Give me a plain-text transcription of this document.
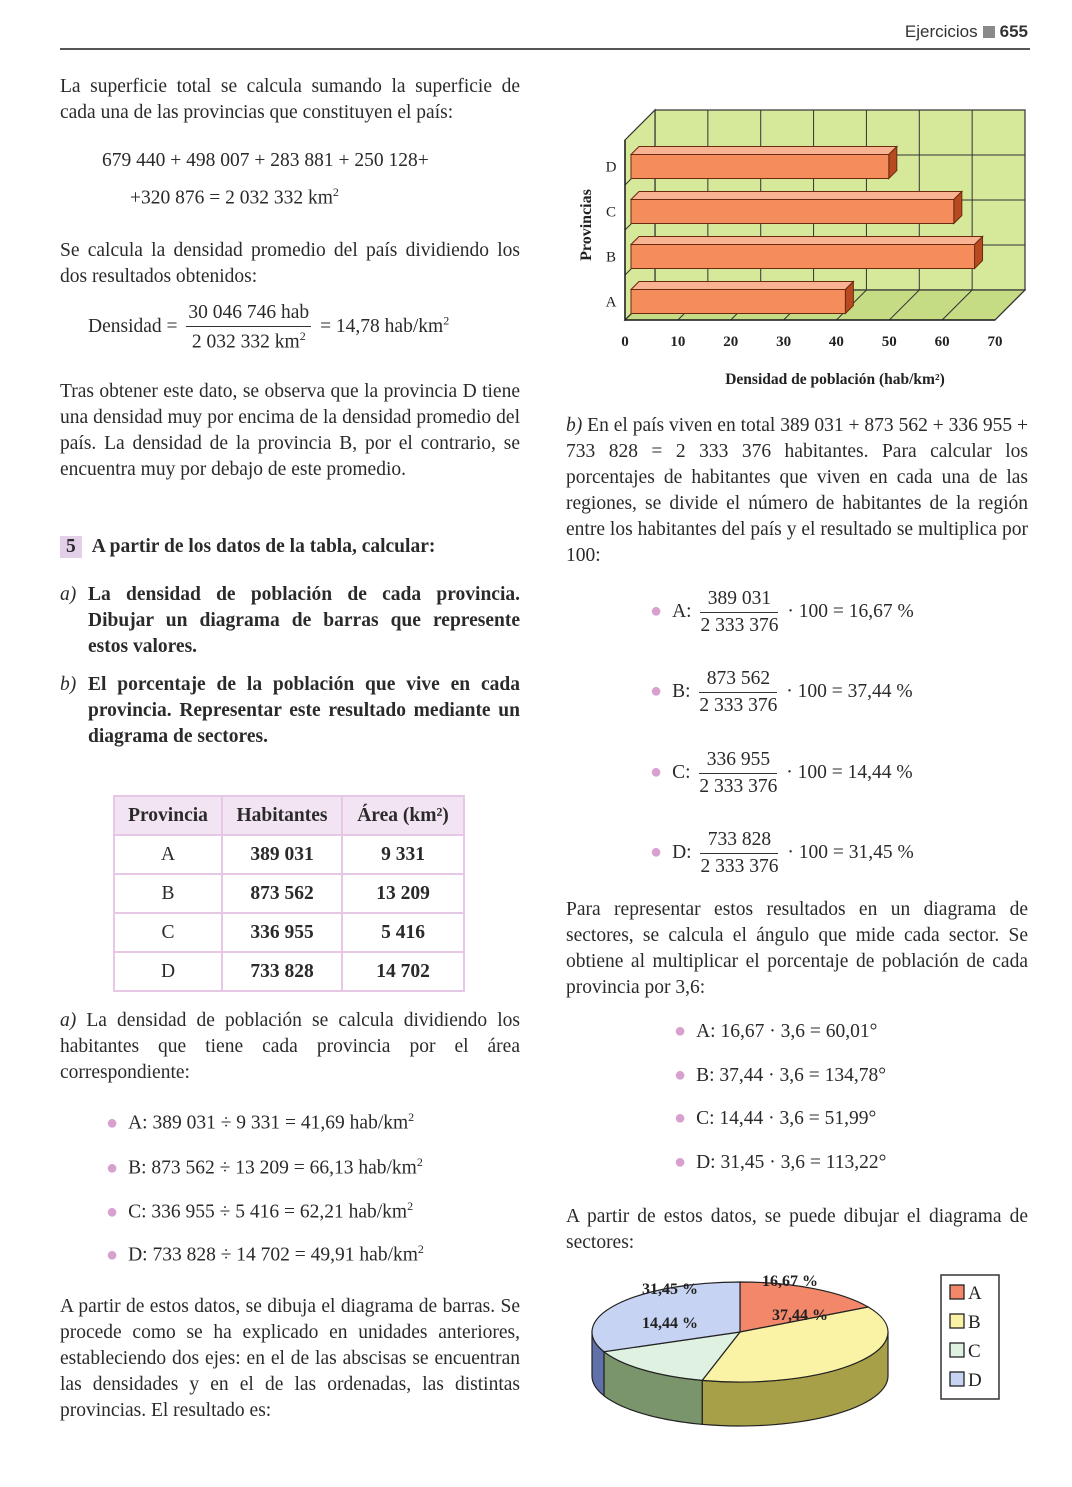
Ejercicios 655

La superficie total se calcula sumando la superficie de cada una de las provincias que constituyen el país:

679 440 + 498 007 + 283 881 + 250 128+
+320 876 = 2 032 332 $km^2$

Se calcula la densidad promedio del país dividiendo los dos resultados obtenidos:

Densidad = $\frac{\text{30 046 746 hab}}{2 032 332 km^2} = 14,78$ hab/$km^2$

Tras obtener este dato, se observa que la provincia D tiene una densidad muy por encima de la densidad promedio del país. La densidad de la provincia B, por el contrario, se encuentra muy por debajo de este promedio.

5 A partir de los datos de la tabla, calcular:
a) La densidad de población de cada provincia. Dibujar un diagrama de barras que represente estos valores.
b) El porcentaje de la población que vive en cada provincia. Representar este resultado mediante un diagrama de sectores.
Provincia	Habitantes	Área (km²)
A	389 031	9 331
B	873 562	13 209
C	336 955	5 416
D	733 828	14 702

a) La densidad de población se calcula dividiendo los habitantes que tiene cada provincia por el área correspondiente:

● A: 389 031 ÷ 9 331 = 41,69 hab/$km^2$
● B: 873 562 ÷ 13 209 = 66,13 hab/$km^2$
● C: 336 955 ÷ 5 416 = 62,21 hab/$km^2$
● D: 733 828 ÷ 14 702 = 49,91 hab/$km^2$

A partir de estos datos, se dibuja el diagrama de barras. Se procede como se ha explicado en unidades anteriores, estableciendo dos ejes: en el de las abscisas se encuentran las densidades y en el de las ordenadas, las distintas provincias. El resultado es:

A
B
C
D
0	10	20	30	40	50	60	70
Provincias
Densidad de población (hab/km²)

b) En el país viven en total 389 031 + 873 562 + 336 955 + 733 828 = 2 333 376 habitantes. Para calcular los porcentajes de habitantes que viven en cada una de las regiones, se divide el número de habitantes de la región entre los habitantes del país y el resultado se multiplica por 100:

● A: $\frac{389 031}{2 333 376} \cdot 100 = 16,67$ %
● B: $\frac{873 562}{2 333 376} \cdot 100 = 37,44$ %
● C: $\frac{336 955}{2 333 376} \cdot 100 = 14,44$ %
● D: $\frac{733 828}{2 333 376} \cdot 100 = 31,45$ %

Para representar estos resultados en un diagrama de sectores, se calcula el ángulo que mide cada sector. Se obtiene al multiplicar el porcentaje de población de cada provincia por 3,6:

● A: 16,67 · 3,6 = 60,01°
● B: 37,44 · 3,6 = 134,78°
● C: 14,44 · 3,6 = 51,99°
● D: 31,45 · 3,6 = 113,22°

A partir de estos datos, se puede dibujar el diagrama de sectores:

16,67 %
37,44 %
14,44 %
31,45 %	A
B
C
D
